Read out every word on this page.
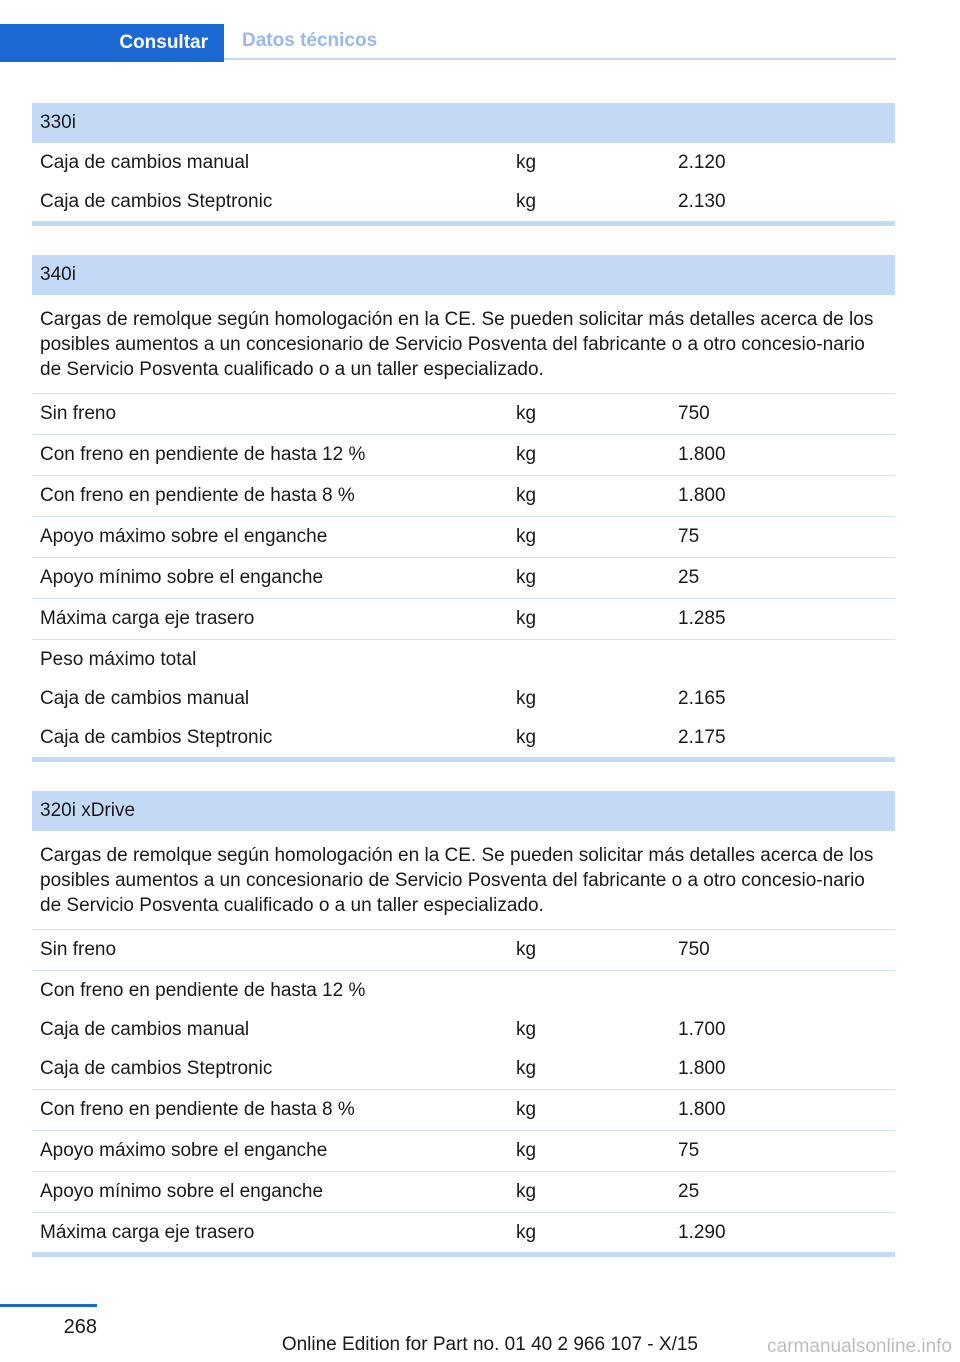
Consultar	Datos técnicos
330i
Caja de cambios manual	kg	2.120
Caja de cambios Steptronic	kg	2.130
340i
Cargas de remolque según homologación en la CE. Se pueden solicitar más detalles acerca de los posibles aumentos a un concesionario de Servicio Posventa del fabricante o a otro concesio-nario de Servicio Posventa cualificado o a un taller especializado.
Sin freno	kg	750
Con freno en pendiente de hasta 12 %	kg	1.800
Con freno en pendiente de hasta 8 %	kg	1.800
Apoyo máximo sobre el enganche	kg	75
Apoyo mínimo sobre el enganche	kg	25
Máxima carga eje trasero	kg	1.285
Peso máximo total
Caja de cambios manual	kg	2.165
Caja de cambios Steptronic	kg	2.175
320i xDrive
Cargas de remolque según homologación en la CE. Se pueden solicitar más detalles acerca de los posibles aumentos a un concesionario de Servicio Posventa del fabricante o a otro concesio-nario de Servicio Posventa cualificado o a un taller especializado.
Sin freno	kg	750
Con freno en pendiente de hasta 12 %
Caja de cambios manual	kg	1.700
Caja de cambios Steptronic	kg	1.800
Con freno en pendiente de hasta 8 %	kg	1.800
Apoyo máximo sobre el enganche	kg	75
Apoyo mínimo sobre el enganche	kg	25
Máxima carga eje trasero	kg	1.290
268
Online Edition for Part no. 01 40 2 966 107 - X/15	carmanualsonline.info
